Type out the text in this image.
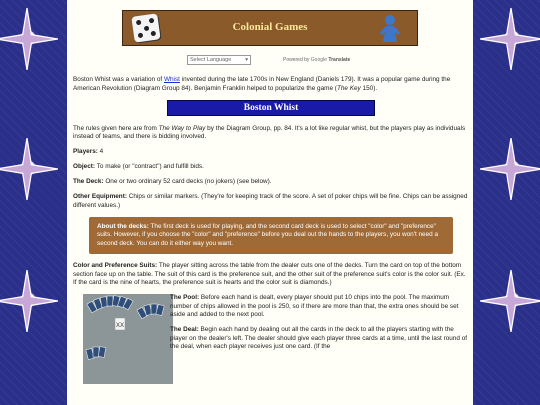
Colonial Games
Select Language	▾	Powered by
Google
Translate

Boston Whist was a variation of Whist invented during the late 1700s in New England (Daniels 179). It was a popular game during the American Revolution (Diagram Group 84). Benjamin Franklin helped to popularize the game (The Key 150).

Boston Whist

The rules given here are from The Way to Play by the Diagram Group, pp. 84. It's a lot like regular whist, but the players play as individuals instead of teams, and there is bidding involved.

Players: 4

Object: To make (or "contract") and fulfill bids.

The Deck: One or two ordinary 52 card decks (no jokers) (see below).

Other Equipment: Chips or similar markers. (They're for keeping track of the score. A set of poker chips will be fine. Chips can be assigned different values.)

About the decks: The first deck is used for playing, and the second card deck is used to select "color" and "preference" suits. However, if you choose the "color" and "preference" before you deal out the hands to the players, you won't need a second deck. You can do it either way you want.

Color and Preference Suits: The player sitting across the table from the dealer cuts one of the decks. Turn the card on top of the bottom section face up on the table. The suit of this card is the preference suit, and the other suit of the preference suit's color is the color suit. (Ex. If the card is the nine of hearts, the preference suit is hearts and the color suit is diamonds.)

XX

The Pool: Before each hand is dealt, every player should put 10 chips into the pool. The maximum number of chips allowed in the pool is 250, so if there are more than that, the extra ones should be set aside and added to the next pool.

The Deal: Begin each hand by dealing out all the cards in the deck to all the players starting with the player on the dealer's left. The dealer should give each player three cards at a time, until the last round of the deal, when each player receives just one card. (If the
